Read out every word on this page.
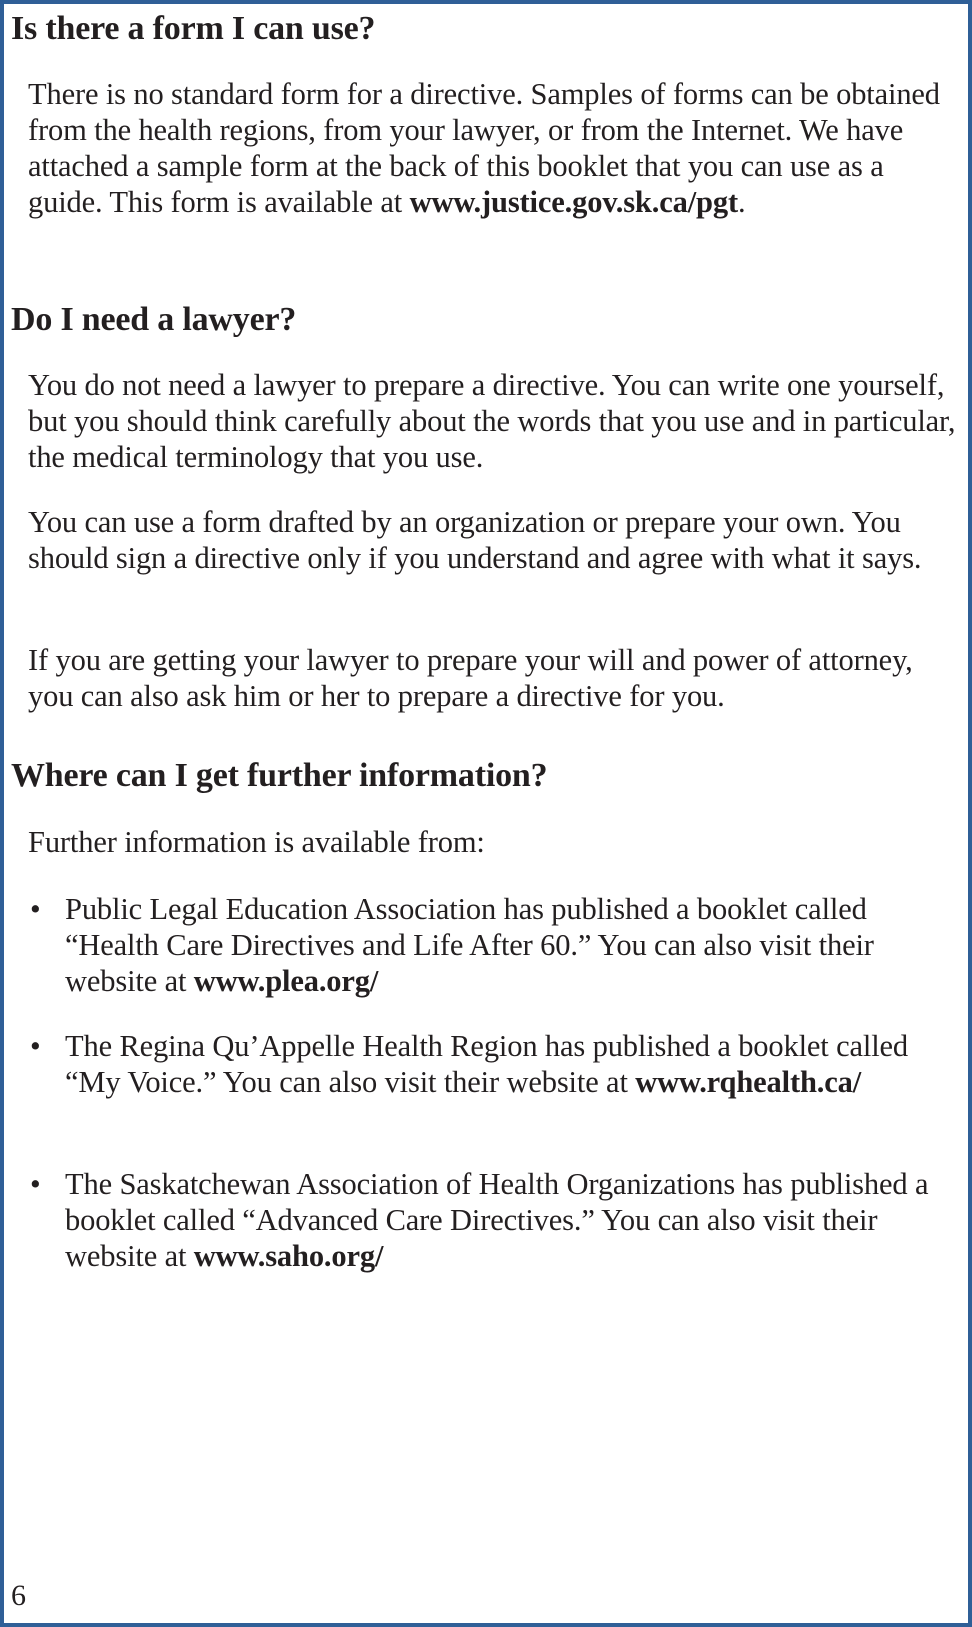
Is there a form I can use?

There is no standard form for a directive. Samples of forms can be obtained from the health regions, from your lawyer, or from the Internet. We have attached a sample form at the back of this booklet that you can use as a guide. This form is available at www.justice.gov.sk.ca/pgt.

Do I need a lawyer?

You do not need a lawyer to prepare a directive. You can write one yourself, but you should think carefully about the words that you use and in particular, the medical terminology that you use.

You can use a form drafted by an organization or prepare your own. You should sign a directive only if you understand and agree with what it says.

If you are getting your lawyer to prepare your will and power of attorney, you can also ask him or her to prepare a directive for you.

Where can I get further information?

Further information is available from:

• Public Legal Education Association has published a booklet called “Health Care Directives and Life After 60.” You can also visit their website at www.plea.org/
• The Regina Qu’Appelle Health Region has published a booklet called “My Voice.” You can also visit their website at www.rqhealth.ca/
• The Saskatchewan Association of Health Organizations has published a booklet called “Advanced Care Directives.” You can also visit their website at www.saho.org/
6
